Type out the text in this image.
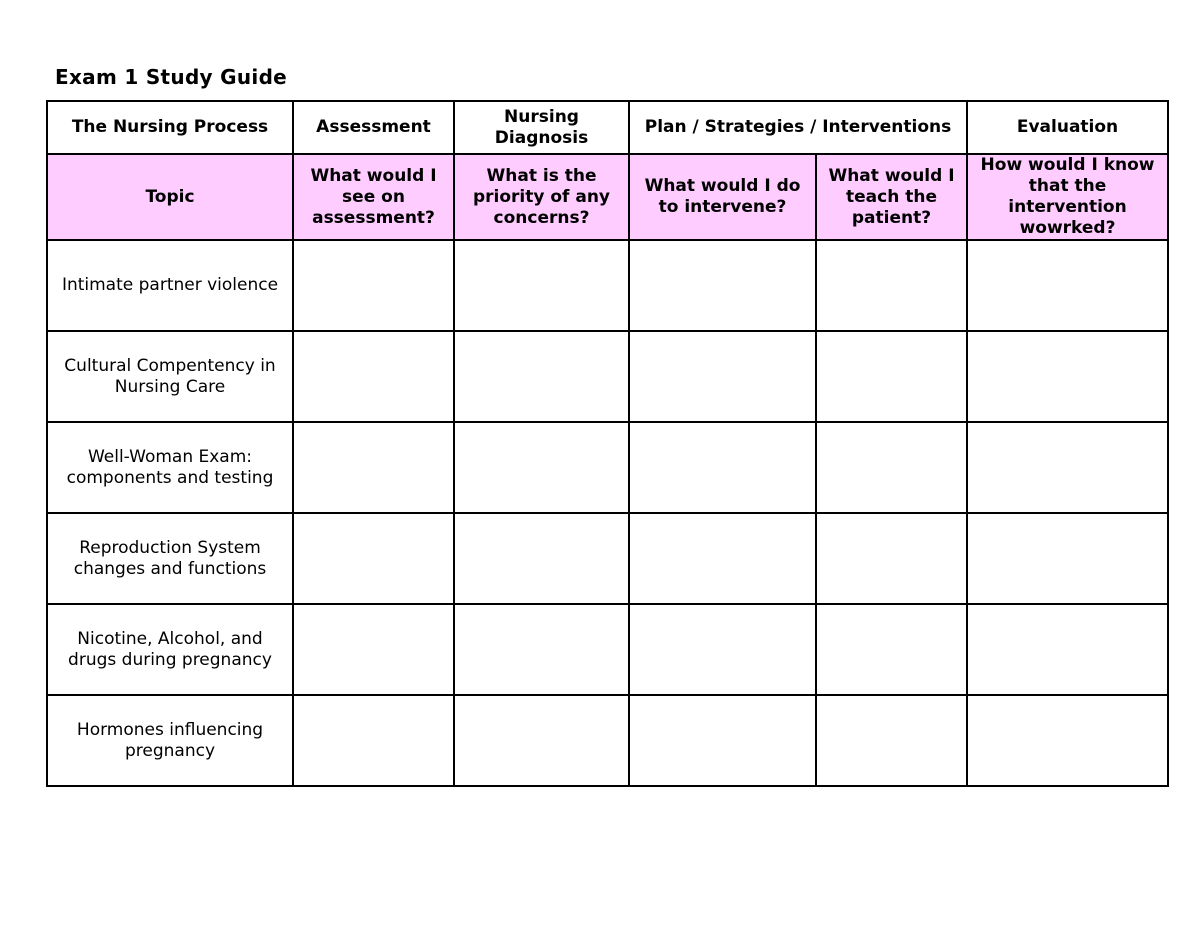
Exam 1 Study Guide
The Nursing Process	Assessment	Nursing Diagnosis	Plan / Strategies / Interventions		Evaluation
Topic	What would I see on assessment?	What is the priority of any concerns?	What would I do to intervene?	What would I teach the patient?	How would I know that the intervention wowrked?
Intimate partner violence					
Cultural Compentency in Nursing Care					
Well-Woman Exam: components and testing					
Reproduction System changes and functions					
Nicotine, Alcohol, and drugs during pregnancy					
Hormones influencing pregnancy					
